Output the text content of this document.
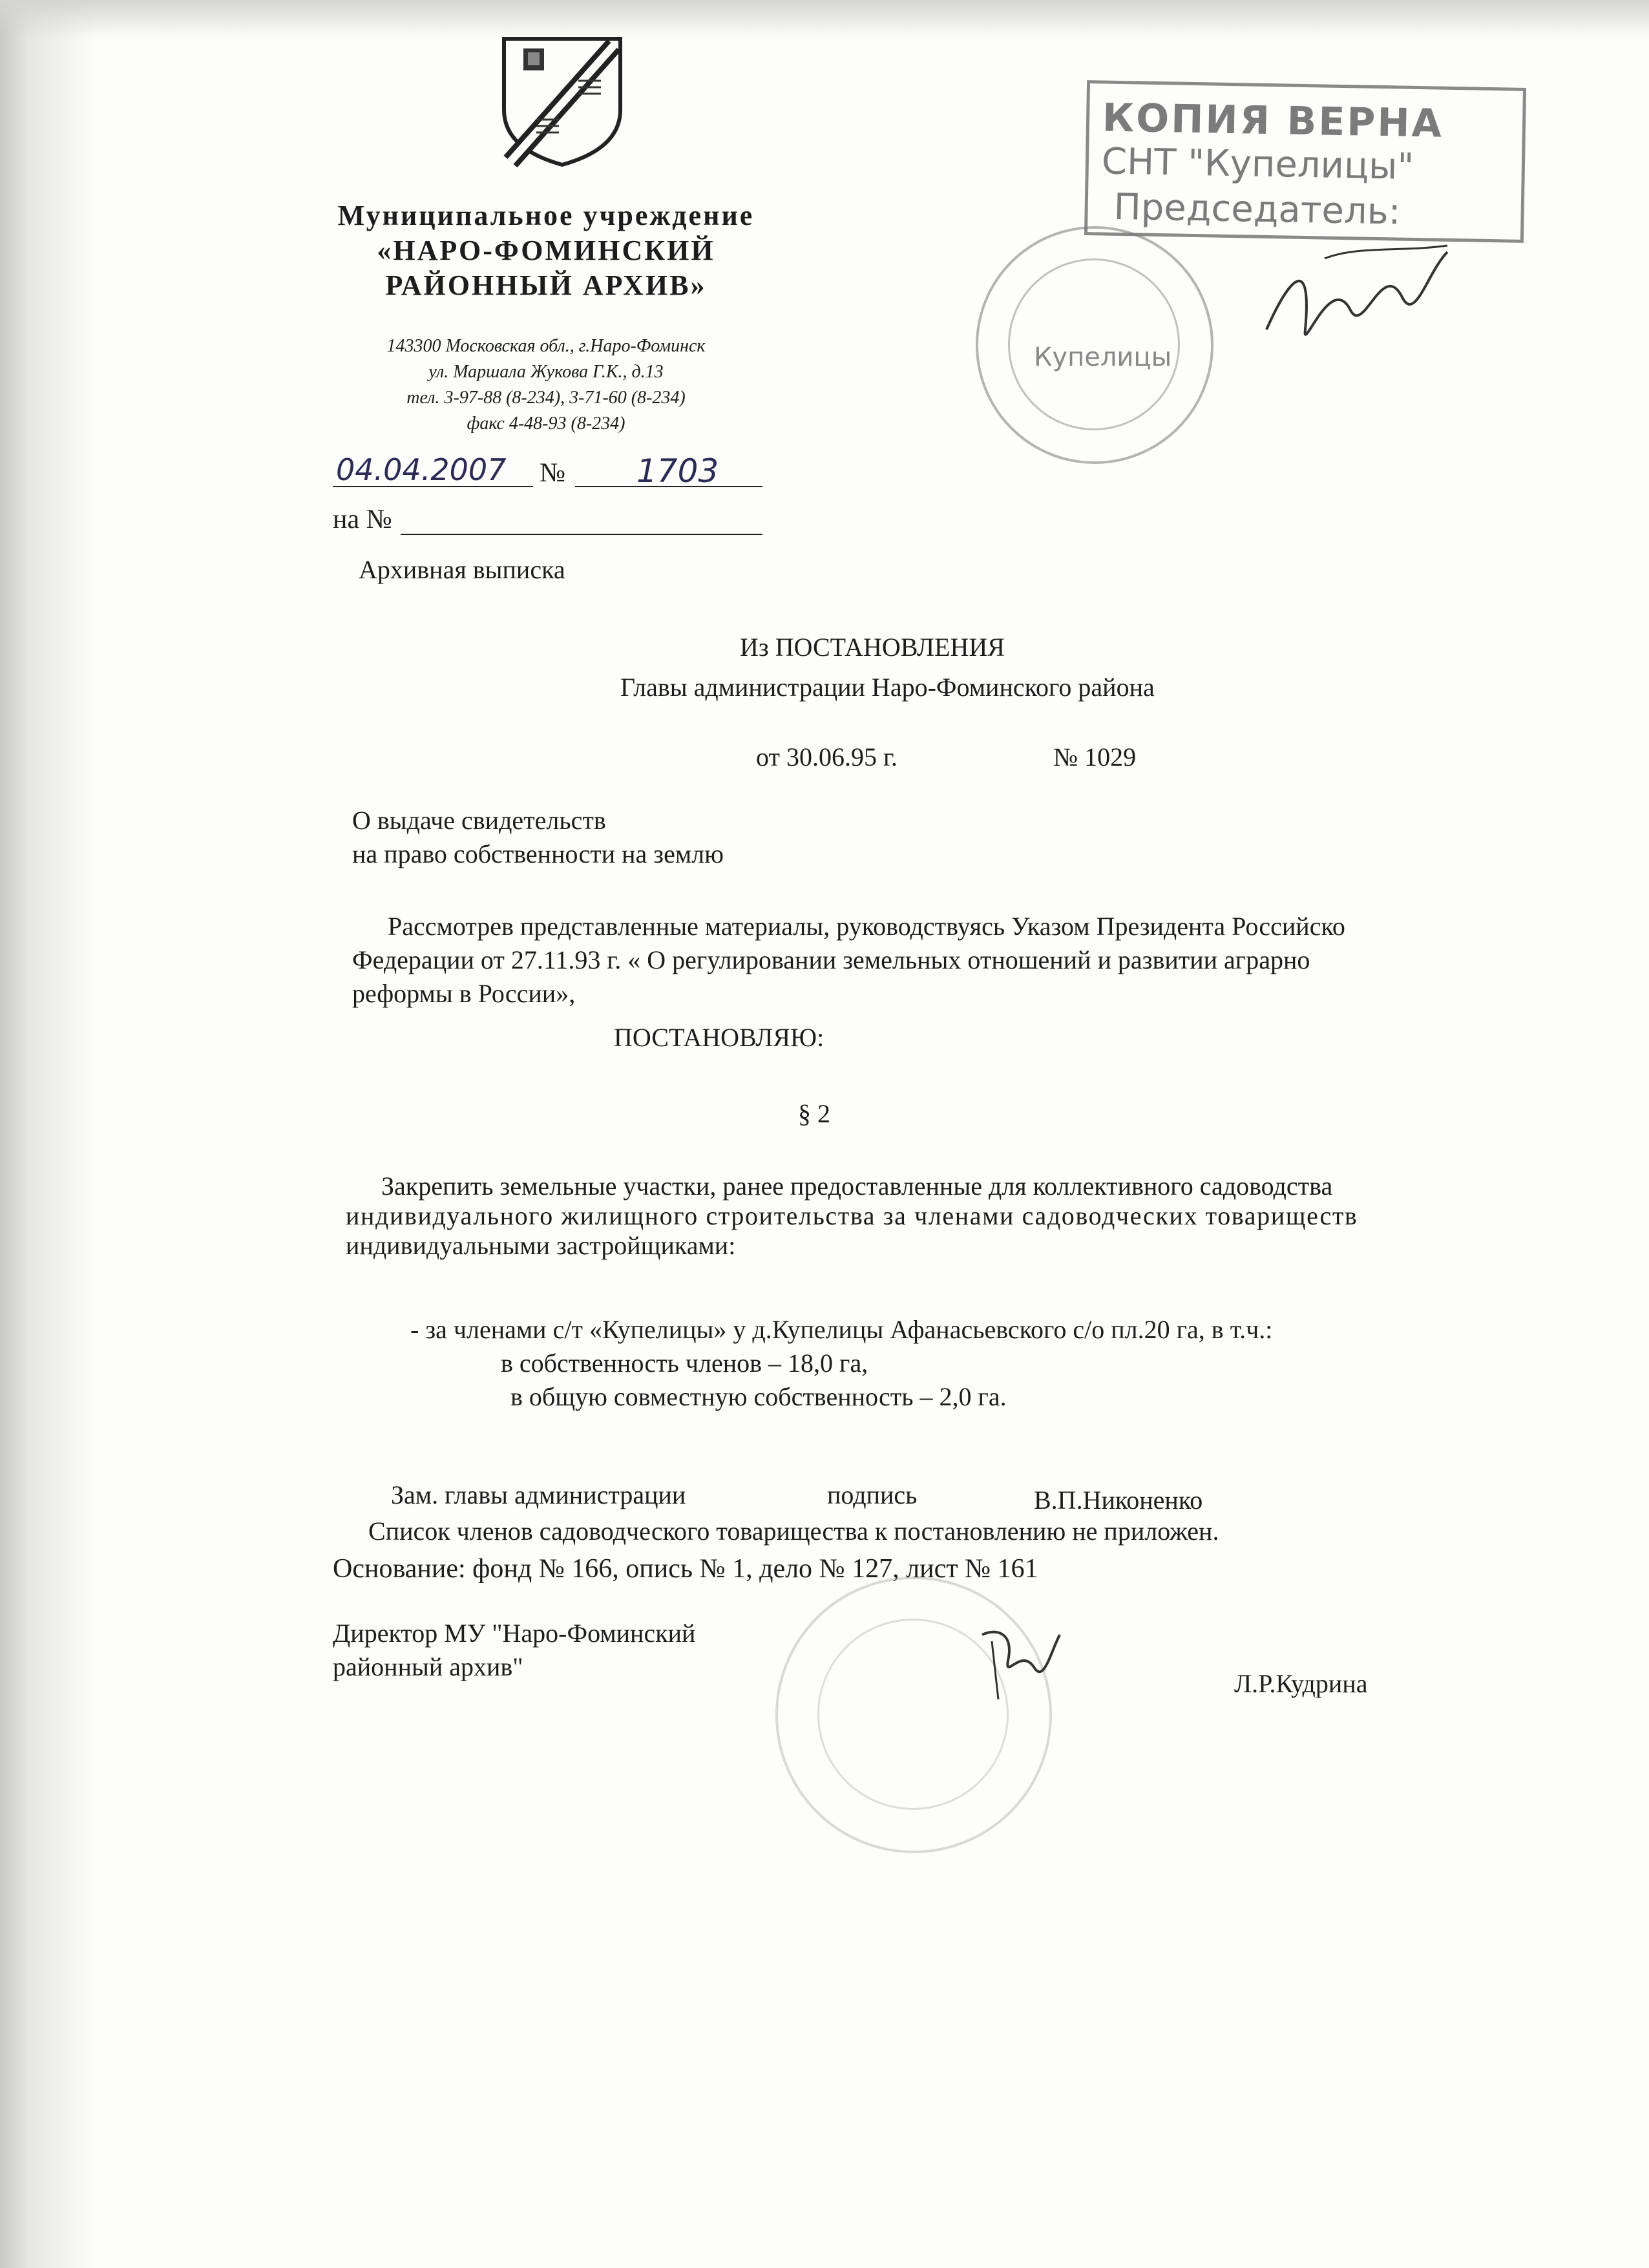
Муниципальное учреждение
«НАРО-ФОМИНСКИЙ
РАЙОННЫЙ АРХИВ»
143300 Московская обл., г.Наро-Фоминск
ул. Маршала Жукова Г.К., д.13
тел. 3-97-88 (8-234), 3-71-60 (8-234)
факс 4-48-93 (8-234)
04.04.2007 № 1703
на №
КОПИЯ ВЕРНА
СНТ "Купелицы"
Председатель:
Купелицы
Архивная выписка
Из ПОСТАНОВЛЕНИЯ
Главы администрации Наро-Фоминского района
от 30.06.95 г.	№ 1029
О выдаче свидетельств
на право собственности на землю
Рассмотрев представленные материалы, руководствуясь Указом Президента Российско
Федерации от 27.11.93 г. « О регулировании земельных отношений и развитии аграрно
реформы в России»,
ПОСТАНОВЛЯЮ:
§ 2
Закрепить земельные участки, ранее предоставленные для коллективного садоводства
индивидуального жилищного строительства за членами садоводческих товариществ
индивидуальными застройщиками:
- за членами с/т «Купелицы» у д.Купелицы Афанасьевского с/о пл.20 га, в т.ч.:
в собственность членов – 18,0 га,
в общую совместную собственность – 2,0 га.
Зам. главы администрации	подпись	В.П.Никоненко
Список членов садоводческого товарищества к постановлению не приложен.
Основание: фонд № 166, опись № 1, дело № 127, лист № 161
Директор МУ "Наро-Фоминский
районный архив"
Л.Р.Кудрина
